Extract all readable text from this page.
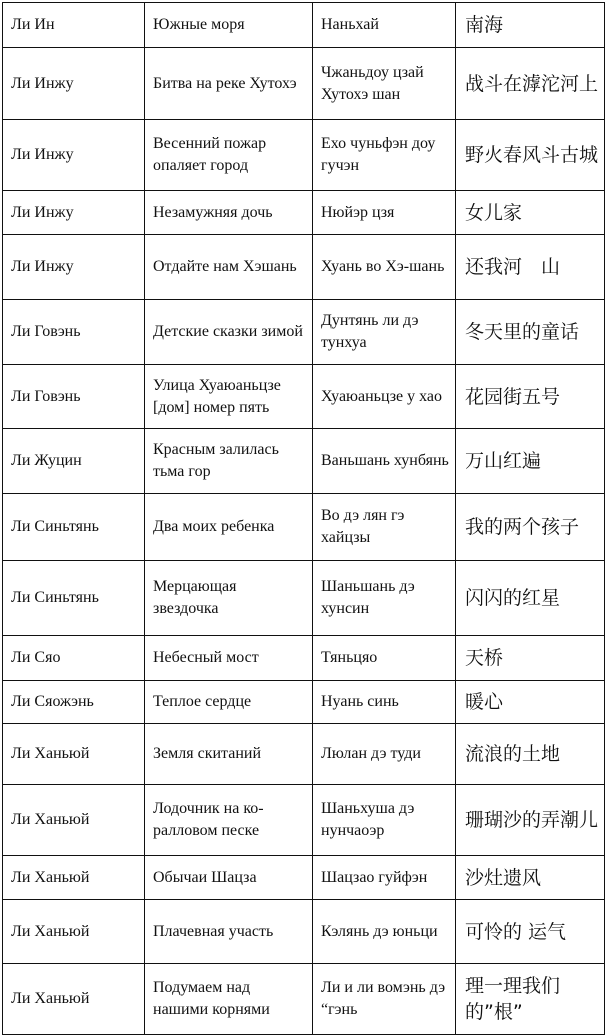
Ли Ин	Южные моря	Наньхай	南海
Ли Инжу	Битва на реке Хутохэ	Чжаньдоу цзай Хутохэ шан	战斗在滹沱河上
Ли Инжу	Весенний пожар опаляет город	Ехо чуньфэн доу гучэн	野火春风斗古城
Ли Инжу	Незамужняя дочь	Нюйэр цзя	女儿家
Ли Инжу	Отдайте нам Хэшань	Хуань во Хэ-шань	还我河　山
Ли Говэнь	Детские сказки зимой	Дунтянь ли дэ тунхуа	冬天里的童话
Ли Говэнь	Улица Хуаюаньцзе [дом] номер пять	Хуаюаньцзе у хао	花园街五号
Ли Жуцин	Красным залилась тьма гор	Ваньшань хунбянь	万山红遍
Ли Синьтянь	Два моих ребенка	Во дэ лян гэ хайцзы	我的两个孩子
Ли Синьтянь	Мерцающая звездочка	Шаньшань дэ хунсин	闪闪的红星
Ли Сяо	Небесный мост	Тяньцяо	天桥
Ли Сяожэнь	Теплое сердце	Нуань синь	暖心
Ли Ханьюй	Земля скитаний	Люлан дэ туди	流浪的土地
Ли Ханьюй	Лодочник на ко-ралловом песке	Шаньхуша дэ нунчаоэр	珊瑚沙的弄潮儿
Ли Ханьюй	Обычаи Шацза	Шацзао гуйфэн	沙灶遗风
Ли Ханьюй	Плачевная участь	Кэлянь дэ юньци	可怜的 运气
Ли Ханьюй	Подумаем над нашими корнями	Ли и ли вомэнь дэ “гэнь	理一理我们的”根”
